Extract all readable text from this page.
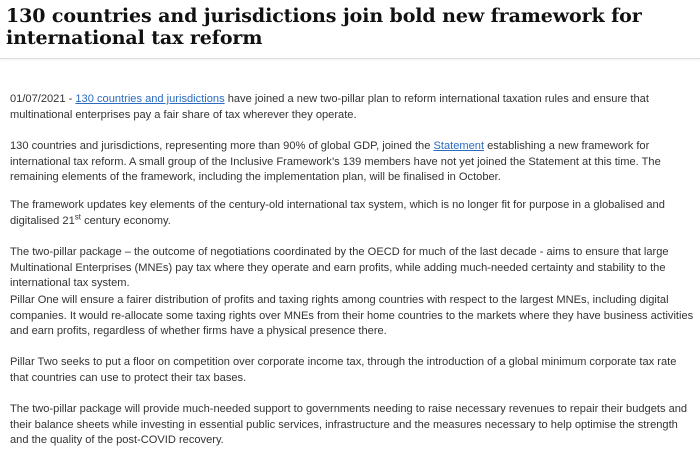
130 countries and jurisdictions join bold new framework for international tax reform

01/07/2021 - 130 countries and jurisdictions have joined a new two-pillar plan to reform international taxation rules and ensure that multinational enterprises pay a fair share of tax wherever they operate.

130 countries and jurisdictions, representing more than 90% of global GDP, joined the Statement establishing a new framework for international tax reform. A small group of the Inclusive Framework’s 139 members have not yet joined the Statement at this time. The remaining elements of the framework, including the implementation plan, will be finalised in October.

The framework updates key elements of the century-old international tax system, which is no longer fit for purpose in a globalised and digitalised 21st century economy.

The two-pillar package – the outcome of negotiations coordinated by the OECD for much of the last decade - aims to ensure that large Multinational Enterprises (MNEs) pay tax where they operate and earn profits, while adding much-needed certainty and stability to the international tax system.

Pillar One will ensure a fairer distribution of profits and taxing rights among countries with respect to the largest MNEs, including digital companies. It would re-allocate some taxing rights over MNEs from their home countries to the markets where they have business activities and earn profits, regardless of whether firms have a physical presence there.

Pillar Two seeks to put a floor on competition over corporate income tax, through the introduction of a global minimum corporate tax rate that countries can use to protect their tax bases.

The two-pillar package will provide much-needed support to governments needing to raise necessary revenues to repair their budgets and their balance sheets while investing in essential public services, infrastructure and the measures necessary to help optimise the strength and the quality of the post-COVID recovery.
